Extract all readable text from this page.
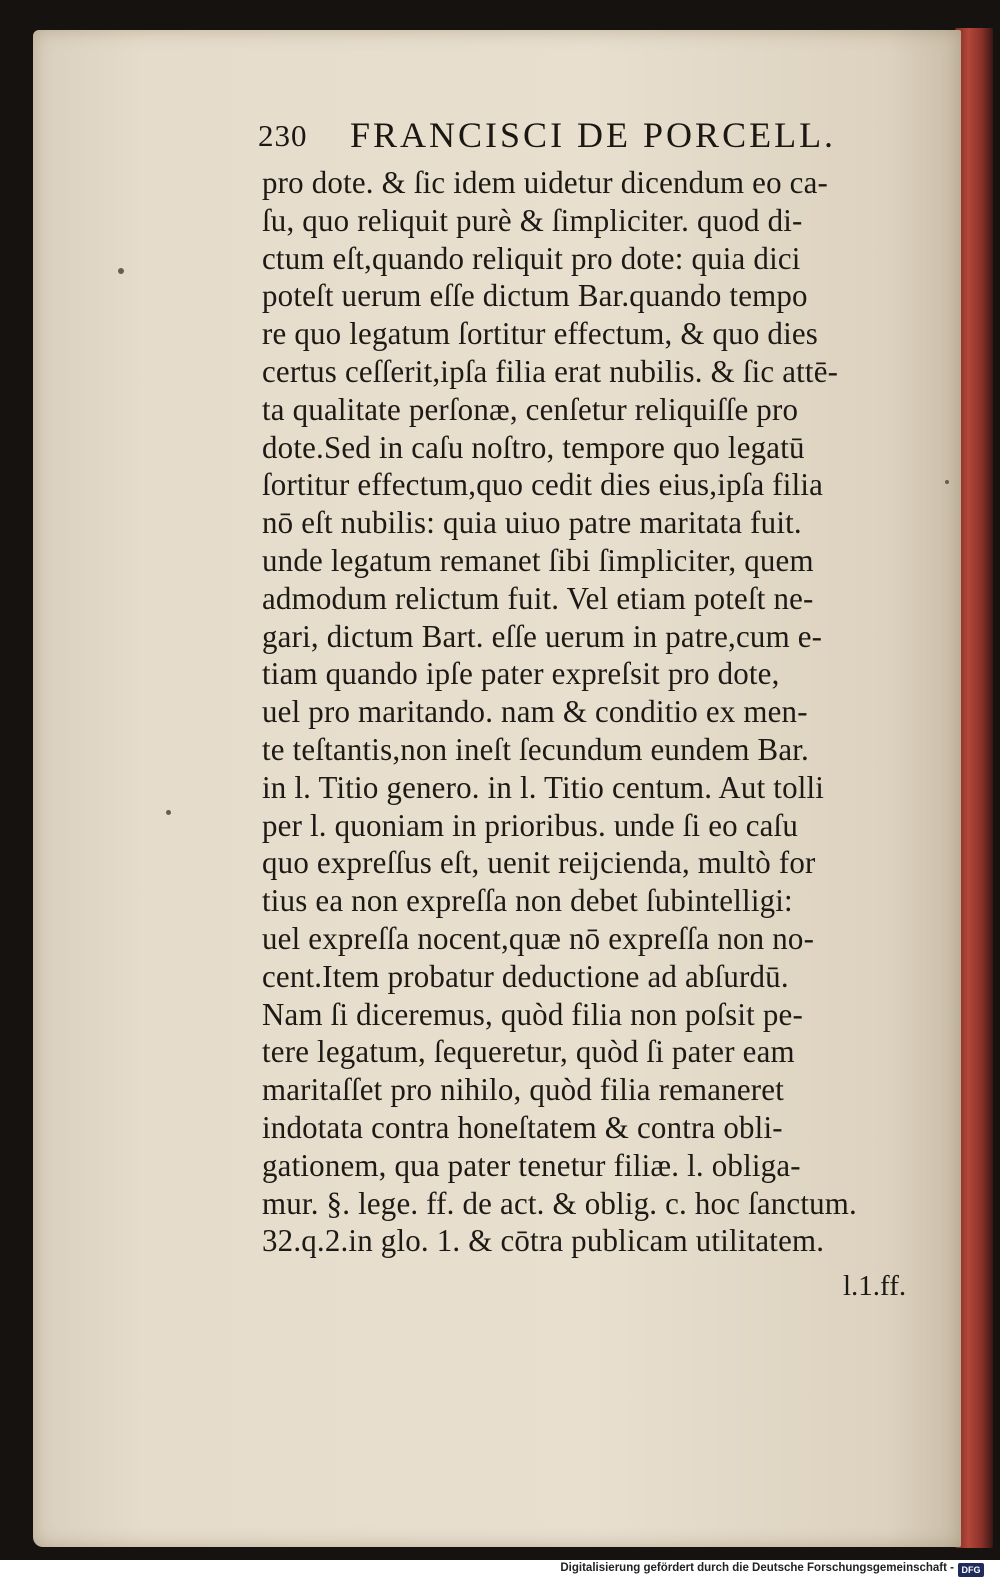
230 FRANCISCI DE PORCELL.
pro dote. & ſic idem uidetur dicendum eo ca-
ſu, quo reliquit purè & ſimpliciter. quod di-
ctum eſt,quando reliquit pro dote: quia dici
poteſt uerum eſſe dictum Bar.quando tempo
re quo legatum ſortitur effectum, & quo dies
certus ceſſerit,ipſa filia erat nubilis. & ſic attē-
ta qualitate perſonæ, cenſetur reliquiſſe pro
dote.Sed in caſu noſtro, tempore quo legatū
ſortitur effectum,quo cedit dies eius,ipſa filia
nō eſt nubilis: quia uiuo patre maritata fuit.
unde legatum remanet ſibi ſimpliciter, quem
admodum relictum fuit. Vel etiam poteſt ne-
gari, dictum Bart. eſſe uerum in patre,cum e-
tiam quando ipſe pater expreſsit pro dote,
uel pro maritando. nam & conditio ex men-
te teſtantis,non ineſt ſecundum eundem Bar.
in l. Titio genero. in l. Titio centum. Aut tolli
per l. quoniam in prioribus. unde ſi eo caſu
quo expreſſus eſt, uenit reijcienda, multò for
tius ea non expreſſa non debet ſubintelligi:
uel expreſſa nocent,quæ nō expreſſa non no-
cent.Item probatur deductione ad abſurdū.
Nam ſi diceremus, quòd filia non poſsit pe-
tere legatum, ſequeretur, quòd ſi pater eam
maritaſſet pro nihilo, quòd filia remaneret
indotata contra honeſtatem & contra obli-
gationem, qua pater tenetur filiæ. l. obliga-
mur. §. lege. ff. de act. & oblig. c. hoc ſanctum.
32.q.2.in glo. 1. & cōtra publicam utilitatem.
l.1.ff.
Digitalisierung gefördert durch die Deutsche Forschungsgemeinschaft - DFG
